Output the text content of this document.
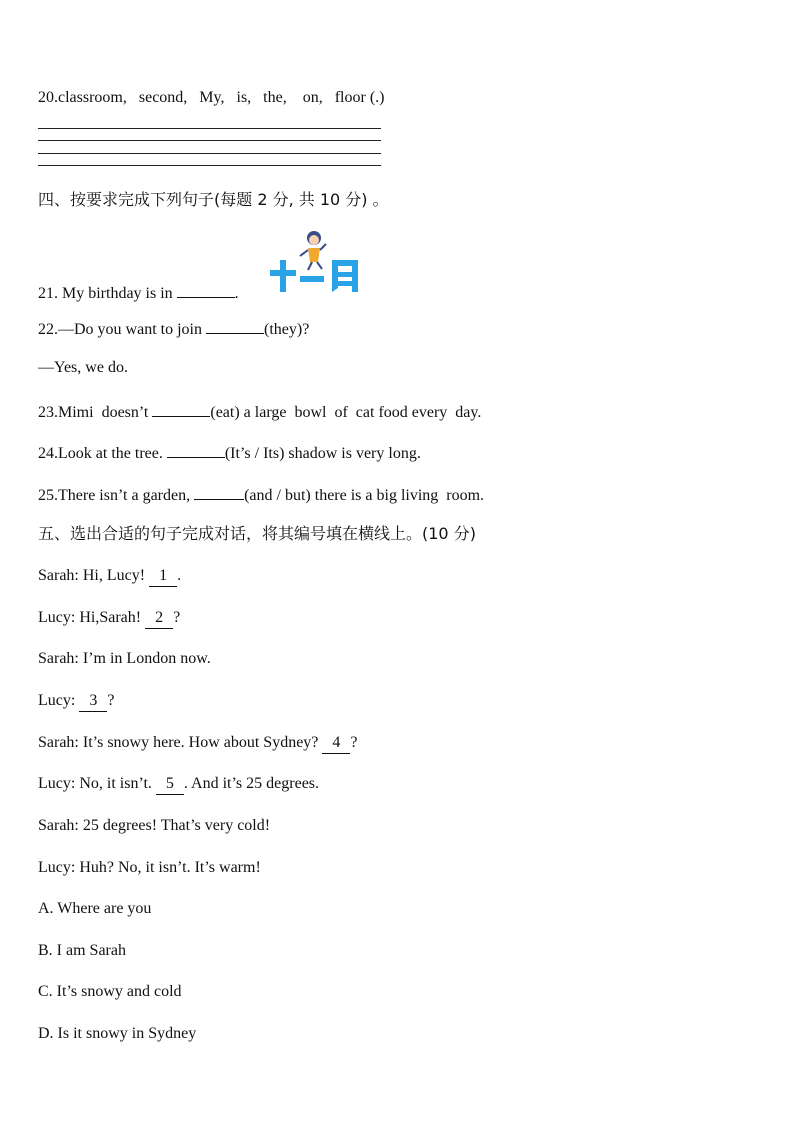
20.classroom,   second,   My,   is,   the,    on,   floor (.)
四、按要求完成下列句子(每题 2 分, 共 10 分) 。
21. My birthday is in	.
22.—Do you want to join	(they)?
—Yes, we do.
23.Mimi  doesn’t	(eat) a large  bowl  of  cat food every  day.
24.Look at the tree.	(It’s / Its) shadow is very long.
25.There isn’t a garden,	(and / but) there is a big living  room.
五、选出合适的句子完成对话，将其编号填在横线上。(10 分)
Sarah: Hi, Lucy! 1 .
Lucy: Hi,Sarah! 2 ?
Sarah: I’m in London now.
Lucy: 3 ?
Sarah: It’s snowy here. How about Sydney? 4 ?
Lucy: No, it isn’t. 5 . And it’s 25 degrees.
Sarah: 25 degrees! That’s very cold!
Lucy: Huh? No, it isn’t. It’s warm!
A. Where are you
B. I am Sarah
C. It’s snowy and cold
D. Is it snowy in Sydney
